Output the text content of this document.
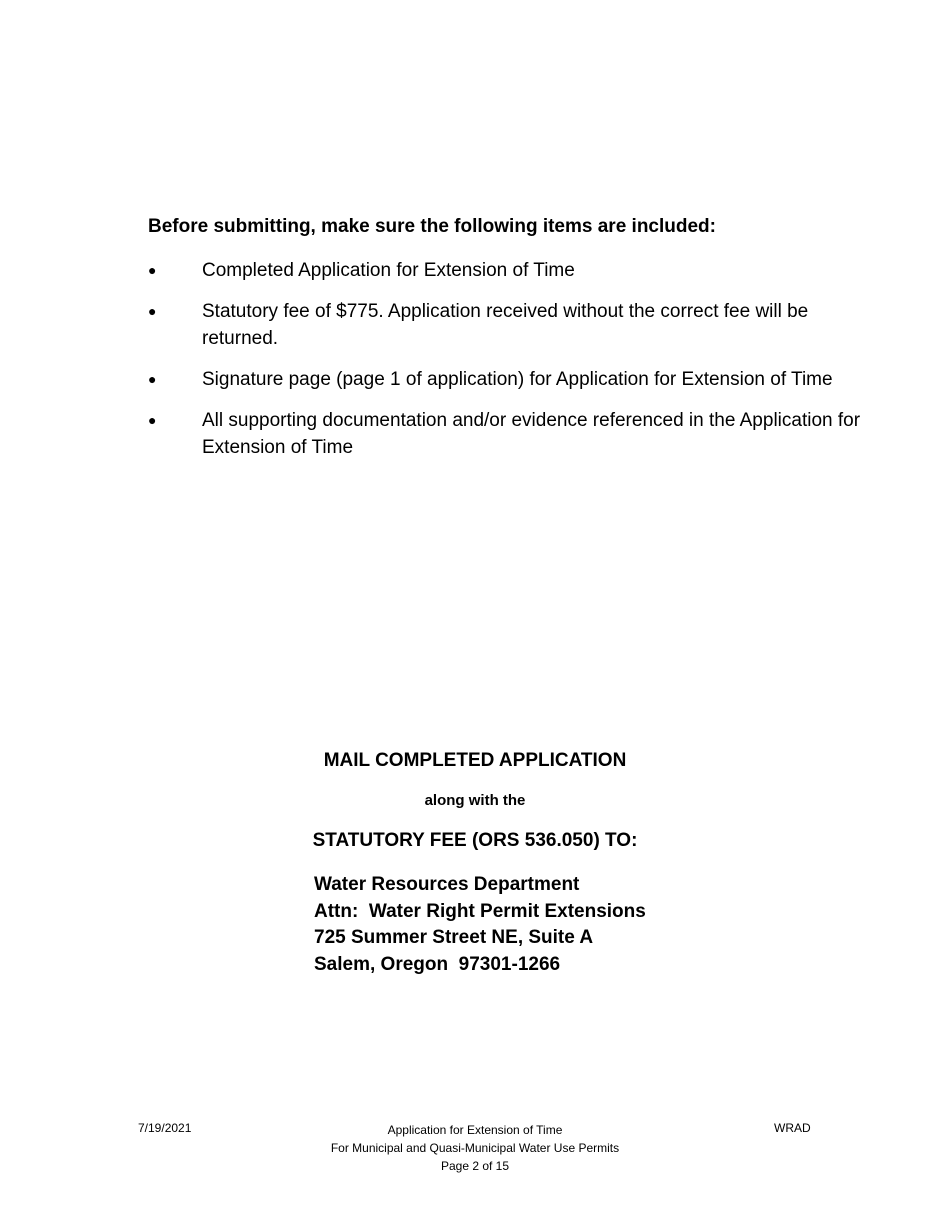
Before submitting, make sure the following items are included:
● Completed Application for Extension of Time
● Statutory fee of $775. Application received without the correct fee will be returned.
● Signature page (page 1 of application) for Application for Extension of Time
● All supporting documentation and/or evidence referenced in the Application for Extension of Time
MAIL COMPLETED APPLICATION
along with the
STATUTORY FEE (ORS 536.050) TO:
Water Resources Department
Attn:  Water Right Permit Extensions
725 Summer Street NE, Suite A
Salem, Oregon  97301-1266
7/19/2021	Application for Extension of Time
For Municipal and Quasi-Municipal Water Use Permits
Page 2 of 15
WRAD
